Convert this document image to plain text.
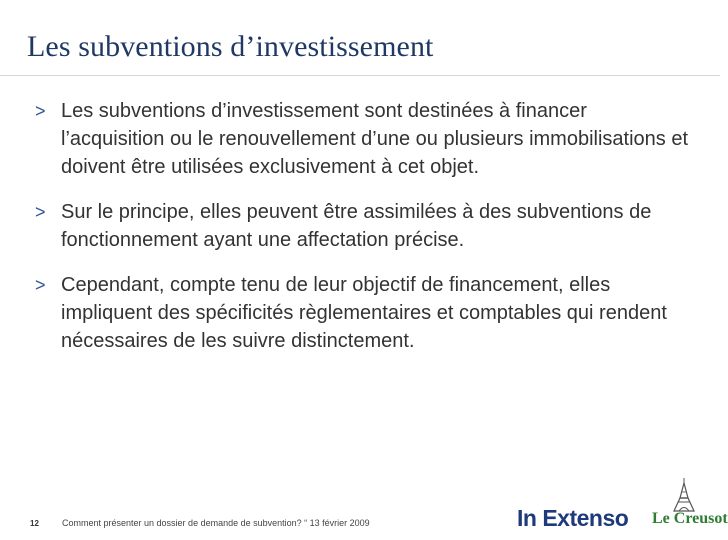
Les subventions d’investissement
> Les subventions d’investissement sont destinées à financer l’acquisition ou le renouvellement d’une ou plusieurs immobilisations et doivent être utilisées exclusivement à cet objet.
> Sur le principe, elles peuvent être assimilées à des subventions de fonctionnement ayant une affectation précise.
> Cependant, compte tenu de leur objectif de financement, elles impliquent des spécificités règlementaires et comptables qui rendent nécessaires de les suivre distinctement.
12	Comment présenter un dossier de demande de subvention? “ 13 février 2009	In Extenso Le Creusot
